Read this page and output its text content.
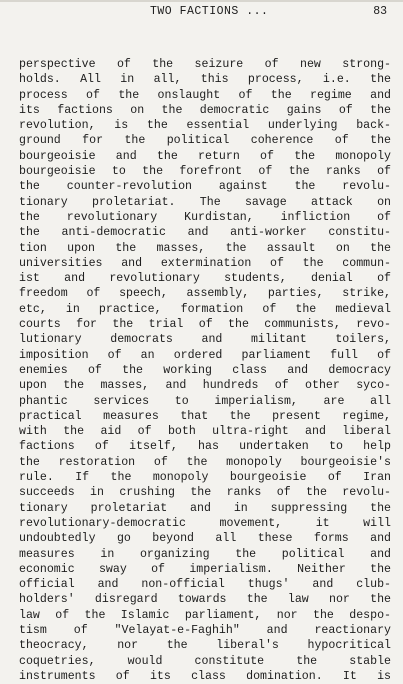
TWO FACTIONS ...	83
perspective of the seizure of new strong-
holds. All in all, this process, i.e. the
process of the onslaught of the regime and
its factions on the democratic gains of the
revolution, is the essential underlying back-
ground for the political coherence of the
bourgeoisie and the return of the monopoly
bourgeoisie to the forefront of the ranks of
the counter-revolution against the revolu-
tionary proletariat. The savage attack on
the revolutionary Kurdistan, infliction of
the anti-democratic and anti-worker constitu-
tion upon the masses, the assault on the
universities and extermination of the commun-
ist and revolutionary students, denial of
freedom of speech, assembly, parties, strike,
etc, in practice, formation of the medieval
courts for the trial of the communists, revo-
lutionary democrats and militant toilers,
imposition of an ordered parliament full of
enemies of the working class and democracy
upon the masses, and hundreds of other syco-
phantic services to imperialism, are all
practical measures that the present regime,
with the aid of both ultra-right and liberal
factions of itself, has undertaken to help
the restoration of the monopoly bourgeoisie's
rule. If the monopoly bourgeoisie of Iran
succeeds in crushing the ranks of the revolu-
tionary proletariat and in suppressing the
revolutionary-democratic movement, it will
undoubtedly go beyond all these forms and
measures in organizing the political and
economic sway of imperialism. Neither the
official and non-official thugs' and club-
holders' disregard towards the law nor the
law of the Islamic parliament, nor the despo-
tism of "Velayat-e-Faghih" and reactionary
theocracy, nor the liberal's hypocritical
coquetries, would constitute the stable
instruments of its class domination. It is
